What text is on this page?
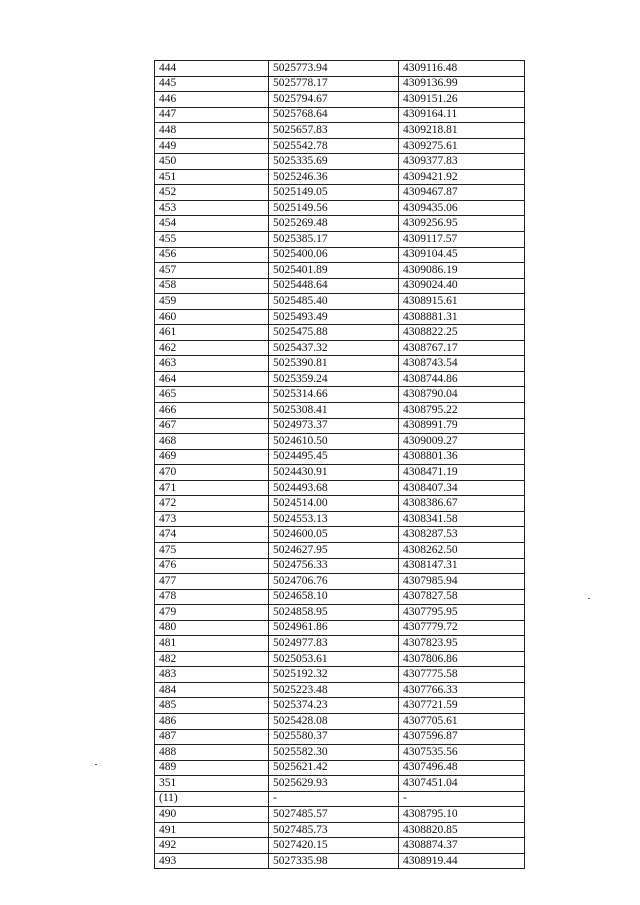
444	5025773.94	4309116.48
445	5025778.17	4309136.99
446	5025794.67	4309151.26
447	5025768.64	4309164.11
448	5025657.83	4309218.81
449	5025542.78	4309275.61
450	5025335.69	4309377.83
451	5025246.36	4309421.92
452	5025149.05	4309467.87
453	5025149.56	4309435.06
454	5025269.48	4309256.95
455	5025385.17	4309117.57
456	5025400.06	4309104.45
457	5025401.89	4309086.19
458	5025448.64	4309024.40
459	5025485.40	4308915.61
460	5025493.49	4308881.31
461	5025475.88	4308822.25
462	5025437.32	4308767.17
463	5025390.81	4308743.54
464	5025359.24	4308744.86
465	5025314.66	4308790.04
466	5025308.41	4308795.22
467	5024973.37	4308991.79
468	5024610.50	4309009.27
469	5024495.45	4308801.36
470	5024430.91	4308471.19
471	5024493.68	4308407.34
472	5024514.00	4308386.67
473	5024553.13	4308341.58
474	5024600.05	4308287.53
475	5024627.95	4308262.50
476	5024756.33	4308147.31
477	5024706.76	4307985.94
478	5024658.10	4307827.58
479	5024858.95	4307795.95
480	5024961.86	4307779.72
481	5024977.83	4307823.95
482	5025053.61	4307806.86
483	5025192.32	4307775.58
484	5025223.48	4307766.33
485	5025374.23	4307721.59
486	5025428.08	4307705.61
487	5025580.37	4307596.87
488	5025582.30	4307535.56
489	5025621.42	4307496.48
351	5025629.93	4307451.04
(11)	-	-
490	5027485.57	4308795.10
491	5027485.73	4308820.85
492	5027420.15	4308874.37
493	5027335.98	4308919.44
